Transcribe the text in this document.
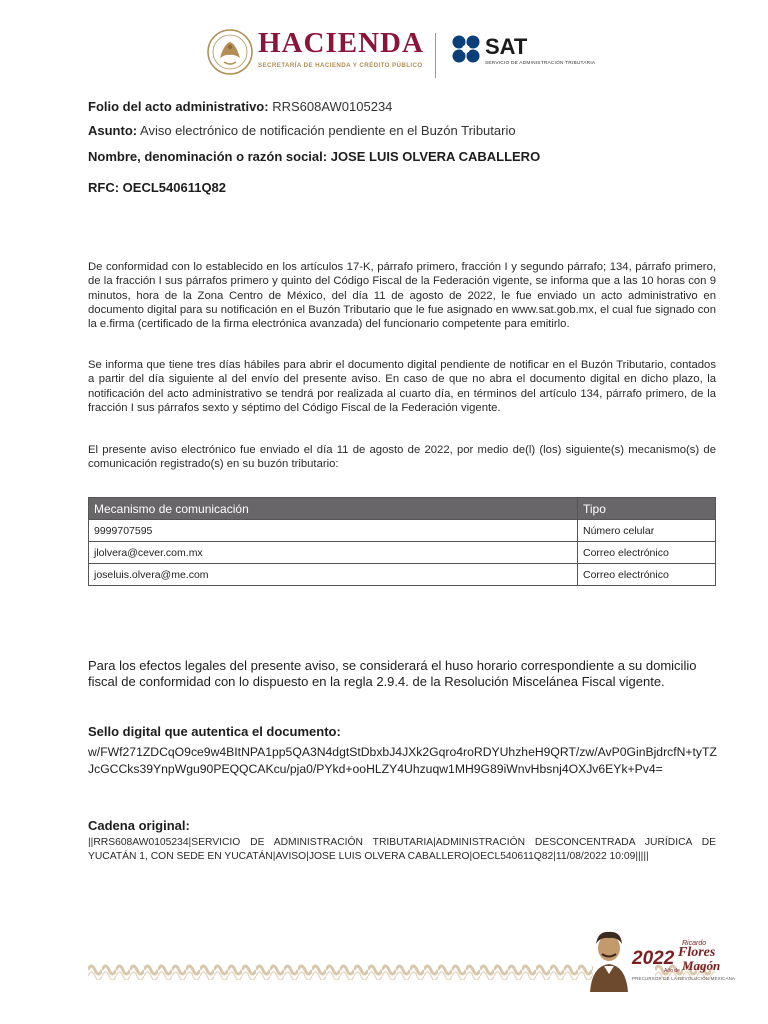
HACIENDA
SECRETARÍA DE HACIENDA Y CRÉDITO PÚBLICO
SAT
SERVICIO DE ADMINISTRACIÓN TRIBUTARIA
Folio del acto administrativo: RRS608AW0105234
Asunto: Aviso electrónico de notificación pendiente en el Buzón Tributario
Nombre, denominación o razón social: JOSE LUIS OLVERA CABALLERO
RFC: OECL540611Q82

De conformidad con lo establecido en los artículos 17-K, párrafo primero, fracción I y segundo párrafo; 134, párrafo primero, de la fracción I sus párrafos primero y quinto del Código Fiscal de la Federación vigente, se informa que a las 10 horas con 9 minutos, hora de la Zona Centro de México, del día 11 de agosto de 2022, le fue enviado un acto administrativo en documento digital para su notificación en el Buzón Tributario que le fue asignado en www.sat.gob.mx, el cual fue signado con la e.firma (certificado de la firma electrónica avanzada) del funcionario competente para emitirlo.

Se informa que tiene tres días hábiles para abrir el documento digital pendiente de notificar en el Buzón Tributario, contados a partir del día siguiente al del envío del presente aviso. En caso de que no abra el documento digital en dicho plazo, la notificación del acto administrativo se tendrá por realizada al cuarto día, en términos del artículo 134, párrafo primero, de la fracción I sus párrafos sexto y séptimo del Código Fiscal de la Federación vigente.

El presente aviso electrónico fue enviado el día 11 de agosto de 2022, por medio de(l) (los) siguiente(s) mecanismo(s) de comunicación registrado(s) en su buzón tributario:

Mecanismo de comunicación	Tipo
9999707595	Número celular
jlolvera@cever.com.mx	Correo electrónico
joseluis.olvera@me.com	Correo electrónico

Para los efectos legales del presente aviso, se considerará el huso horario correspondiente a su domicilio fiscal de conformidad con lo dispuesto en la regla 2.9.4. de la Resolución Miscelánea Fiscal vigente.

Sello digital que autentica el documento:

w/FWf271ZDCqO9ce9w4BItNPA1pp5QA3N4dgtStDbxbJ4JXk2Gqro4roRDYUhzheH9QRT/zw/AvP0GinBjdrcfN+tyTZJcGCCks39YnpWgu90PEQQCAKcu/pja0/PYkd+ooHLZY4Uhzuqw1MH9G89iWnvHbsnj4OXJv6EYk+Pv4=

Cadena original:

||RRS608AW0105234|SERVICIO DE ADMINISTRACIÓN TRIBUTARIA|ADMINISTRACIÓN DESCONCENTRADA JURÍDICA DE YUCATÁN 1, CON SEDE EN YUCATÁN|AVISO|JOSE LUIS OLVERA CABALLERO|OECL540611Q82|11/08/2022 10:09|||||

2022
Ricardo
Flores
Magón
Año de
PRECURSOR DE LA REVOLUCIÓN MEXICANA
